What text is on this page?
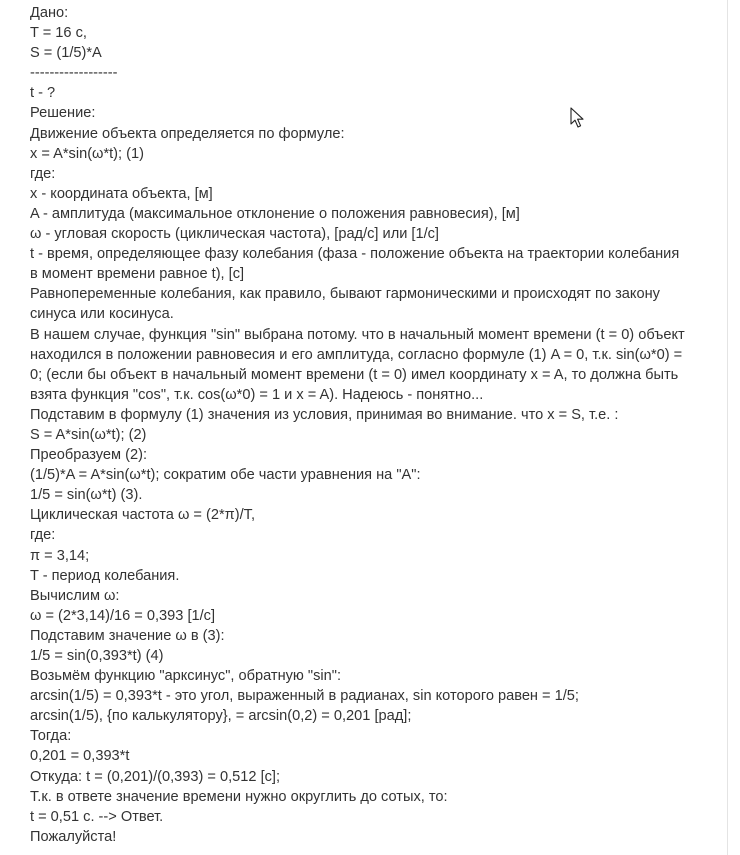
Дано:
T = 16 с,
S = (1/5)*A
------------------
t - ?
Решение:
Движение объекта определяется по формуле:
x = A*sin(ω*t); (1)
где:
x - координата объекта, [м]
A - амплитуда (максимальное отклонение о положения равновесия), [м]
ω - угловая скорость (циклическая частота), [рад/с] или [1/c]
t - время, определяющее фазу колебания (фаза - положение объекта на траектории колебания
в момент времени равное t), [c]
Равнопеременные колебания, как правило, бывают гармоническими и происходят по закону
синуса или косинуса.
В нашем случае, функция "sin" выбрана потому. что в начальный момент времени (t = 0) объект
находился в положении равновесия и его амплитуда, согласно формуле (1) A = 0, т.к. sin(ω*0) =
0; (если бы объект в начальный момент времени (t = 0) имел координату x = A, то должна быть
взята функция "cos", т.к. cos(ω*0) = 1 и x = A). Надеюсь - понятно...
Подставим в формулу (1) значения из условия, принимая во внимание. что x = S, т.е. :
S = A*sin(ω*t); (2)
Преобразуем (2):
(1/5)*A = A*sin(ω*t); сократим обе части уравнения на "A":
1/5 = sin(ω*t) (3).
Циклическая частота ω = (2*π)/T,
где:
π = 3,14;
T - период колебания.
Вычислим ω:
ω = (2*3,14)/16 = 0,393 [1/c]
Подставим значение ω в (3):
1/5 = sin(0,393*t) (4)
Возьмём функцию "арксинус", обратную "sin":
arcsin(1/5) = 0,393*t - это угол, выраженный в радианах, sin которого равен = 1/5;
arcsin(1/5), {по калькулятору}, = arcsin(0,2) = 0,201 [рад];
Тогда:
0,201 = 0,393*t
Откуда: t = (0,201)/(0,393) = 0,512 [c];
T.к. в ответе значение времени нужно округлить до сотых, то:
t = 0,51 c. --> Ответ.
Пожалуйста!
